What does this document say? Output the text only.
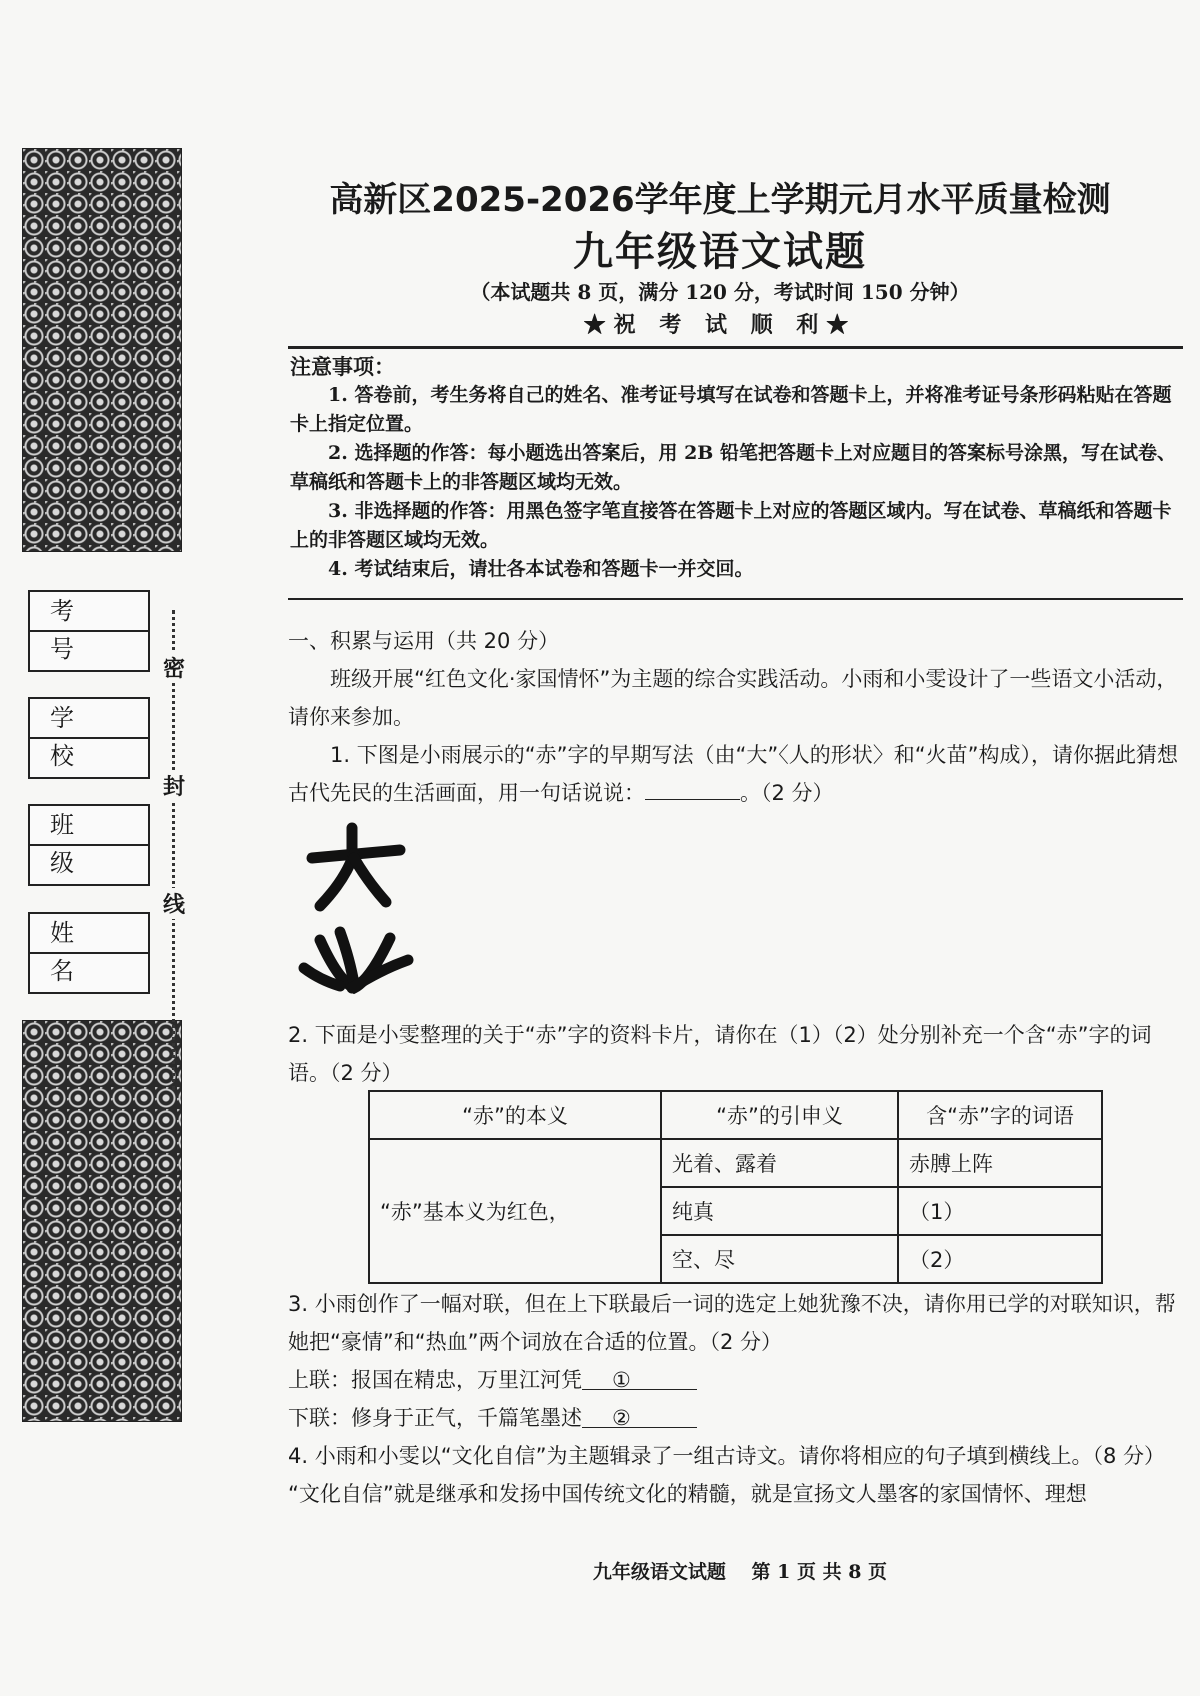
考 号
学 校
班 级
姓 名
密
封
线
高新区2025-2026学年度上学期元月水平质量检测
九年级语文试题
（本试题共 8 页，满分 120 分，考试时间 150 分钟）
★祝 考 试 顺 利★
注意事项：

1. 答卷前，考生务将自己的姓名、准考证号填写在试卷和答题卡上，并将准考证号条形码粘贴在答题卡上指定位置。

2. 选择题的作答：每小题选出答案后，用 2B 铅笔把答题卡上对应题目的答案标号涂黑，写在试卷、草稿纸和答题卡上的非答题区域均无效。

3. 非选择题的作答：用黑色签字笔直接答在答题卡上对应的答题区域内。写在试卷、草稿纸和答题卡上的非答题区域均无效。

4. 考试结束后，请壮各本试卷和答题卡一并交回。

一、积累与运用（共 20 分）

班级开展“红色文化·家国情怀”为主题的综合实践活动。小雨和小雯设计了一些语文小活动，请你来参加。

1. 下图是小雨展示的“赤”字的早期写法（由“大”〈人的形状〉和“火苗”构成），请你据此猜想古代先民的生活画面，用一句话说说：	。（2 分）

2. 下面是小雯整理的关于“赤”字的资料卡片，请你在（1）（2）处分别补充一个含“赤”字的词语。（2 分）

“赤”的本义	“赤”的引申义	含“赤”字的词语
“赤”基本义为红色，	光着、露着	赤膊上阵
	纯真	（1）
	空、尽	（2）

3. 小雨创作了一幅对联，但在上下联最后一词的选定上她犹豫不决，请你用已学的对联知识，帮她把“豪情”和“热血”两个词放在合适的位置。（2 分）

上联：报国在精忠，万里江河凭 ①

下联：修身于正气，千篇笔墨述 ②

4. 小雨和小雯以“文化自信”为主题辑录了一组古诗文。请你将相应的句子填到横线上。（8 分）

“文化自信”就是继承和发扬中国传统文化的精髓，就是宣扬文人墨客的家国情怀、理想

九年级语文试题　 第 1 页 共 8 页
